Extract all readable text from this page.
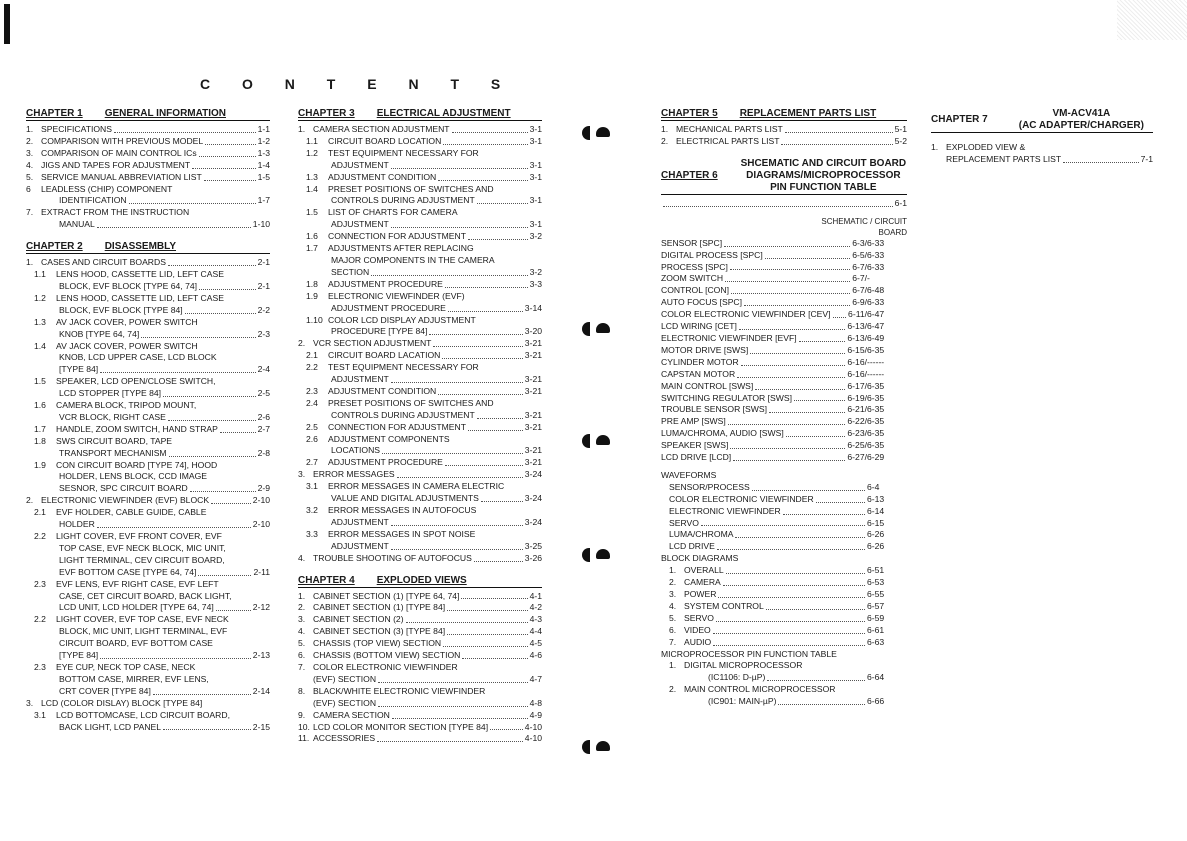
C O N T E N T S
CHAPTER 1 GENERAL INFORMATION
1. SPECIFICATIONS	1-1
2. COMPARISON WITH PREVIOUS MODEL	1-2
3. COMPARISON OF MAIN CONTROL ICs	1-3
4. JIGS AND TAPES FOR ADJUSTMENT	1-4
5. SERVICE MANUAL ABBREVIATION LIST	1-5
6	LEADLESS (CHIP) COMPONENT
IDENTIFICATION	1-7
7. EXTRACT FROM THE INSTRUCTION
MANUAL	1-10
CHAPTER 2 DISASSEMBLY
1. CASES AND CIRCUIT BOARDS	2-1
1.1	LENS HOOD, CASSETTE LID, LEFT CASE
BLOCK, EVF BLOCK [TYPE 64, 74]	2-1
1.2	LENS HOOD, CASSETTE LID, LEFT CASE
BLOCK, EVF BLOCK [TYPE 84]	2-2
1.3	AV JACK COVER, POWER SWITCH
KNOB [TYPE 64, 74]	2-3
1.4	AV JACK COVER, POWER SWITCH
KNOB, LCD UPPER CASE, LCD BLOCK
[TYPE 84]	2-4
1.5	SPEAKER, LCD OPEN/CLOSE SWITCH,
LCD STOPPER [TYPE 84]	2-5
1.6	CAMERA BLOCK, TRIPOD MOUNT,
VCR BLOCK, RIGHT CASE	2-6
1.7	HANDLE, ZOOM SWITCH, HAND STRAP	2-7
1.8	SWS CIRCUIT BOARD, TAPE
TRANSPORT MECHANISM	2-8
1.9	CON CIRCUIT BOARD [TYPE 74], HOOD
HOLDER, LENS BLOCK, CCD IMAGE
SESNOR, SPC CIRCUIT BOARD	2-9
2. ELECTRONIC VIEWFINDER (EVF) BLOCK	2-10
2.1	EVF HOLDER, CABLE GUIDE, CABLE
HOLDER	2-10
2.2	LIGHT COVER, EVF FRONT COVER, EVF
TOP CASE, EVF NECK BLOCK, MIC UNIT,
LIGHT TERMINAL, CEV CIRCUIT BOARD,
EVF BOTTOM CASE [TYPE 64, 74]	2-11
2.3	EVF LENS, EVF RIGHT CASE, EVF LEFT
CASE, CET CIRCUIT BOARD, BACK LIGHT,
LCD UNIT, LCD HOLDER [TYPE 64, 74]	2-12
2.2	LIGHT COVER, EVF TOP CASE, EVF NECK
BLOCK, MIC UNIT, LIGHT TERMINAL, EVF
CIRCUIT BOARD, EVF BOTTOM CASE
[TYPE 84]	2-13
2.3	EYE CUP, NECK TOP CASE, NECK
BOTTOM CASE, MIRRER, EVF LENS,
CRT COVER [TYPE 84]	2-14
3. LCD (COLOR DISLAY) BLOCK [TYPE 84]
3.1	LCD BOTTOMCASE, LCD CIRCUIT BOARD,
BACK LIGHT, LCD PANEL	2-15
CHAPTER 3 ELECTRICAL ADJUSTMENT
1. CAMERA SECTION ADJUSTMENT	3-1
1.1	CIRCUIT BOARD LOCATION	3-1
1.2	TEST EQUIPMENT NECESSARY FOR
ADJUSTMENT	3-1
1.3	ADJUSTMENT CONDITION	3-1
1.4	PRESET POSITIONS OF SWITCHES AND
CONTROLS DURING ADJUSTMENT	3-1
1.5	LIST OF CHARTS FOR CAMERA
ADJUSTMENT	3-1
1.6	CONNECTION FOR ADJUSTMENT	3-2
1.7	ADJUSTMENTS AFTER REPLACING
MAJOR COMPONENTS IN THE CAMERA
SECTION	3-2
1.8	ADJUSTMENT PROCEDURE	3-3
1.9	ELECTRONIC VIEWFINDER (EVF)
ADJUSTMENT PROCEDURE	3-14
1.10 COLOR LCD DISPLAY ADJUSTMENT
PROCEDURE [TYPE 84]	3-20
2. VCR SECTION ADJUSTMENT	3-21
2.1	CIRCUIT BOARD LACATION	3-21
2.2	TEST EQUIPMENT NECESSARY FOR
ADJUSTMENT	3-21
2.3	ADJUSTMENT CONDITION	3-21
2.4	PRESET POSITIONS OF SWITCHES AND
CONTROLS DURING ADJUSTMENT	3-21
2.5	CONNECTION FOR ADJUSTMENT	3-21
2.6	ADJUSTMENT COMPONENTS
LOCATIONS	3-21
2.7	ADJUSTMENT PROCEDURE	3-21
3. ERROR MESSAGES	3-24
3.1	ERROR MESSAGES IN CAMERA ELECTRIC
VALUE AND DIGITAL ADJUSTMENTS	3-24
3.2	ERROR MESSAGES IN AUTOFOCUS
ADJUSTMENT	3-24
3.3	ERROR MESSAGES IN SPOT NOISE
ADJUSTMENT	3-25
4. TROUBLE SHOOTING OF AUTOFOCUS	3-26
CHAPTER 4 EXPLODED VIEWS
1. CABINET SECTION (1) [TYPE 64, 74]	4-1
2. CABINET SECTION (1) [TYPE 84]	4-2
3. CABINET SECTION (2)	4-3
4. CABINET SECTION (3) [TYPE 84]	4-4
5. CHASSIS (TOP VIEW) SECTION	4-5
6. CHASSIS (BOTTOM VIEW) SECTION	4-6
7. COLOR ELECTRONIC VIEWFINDER
(EVF) SECTION	4-7
8. BLACK/WHITE ELECTRONIC VIEWFINDER
(EVF) SECTION	4-8
9. CAMERA SECTION	4-9
10. LCD COLOR MONITOR SECTION [TYPE 84]	4-10
11. ACCESSORIES	4-10
CHAPTER 5 REPLACEMENT PARTS LIST
1. MECHANICAL PARTS LIST	5-1
2. ELECTRICAL PARTS LIST	5-2
CHAPTER 6
SHCEMATIC AND CIRCUIT BOARD
DIAGRAMS/MICROPROCESSOR
PIN FUNCTION TABLE
6-1
SCHEMATIC / CIRCUIT
BOARD
SENSOR [SPC]	6-3 / 6-33
DIGITAL PROCESS [SPC]	6-5 / 6-33
PROCESS [SPC]	6-7 / 6-33
ZOOM SWITCH	6-7 / -
CONTROL [CON]	6-7 / 6-48
AUTO FOCUS [SPC]	6-9 / 6-33
COLOR ELECTRONIC VIEWFINDER [CEV] 6-11 / 6-47
LCD WIRING [CET]	6-13 / 6-47
ELECTRONIC VIEWFINDER [EVF]	6-13 / 6-49
MOTOR DRIVE [SWS]	6-15 / 6-35
CYLINDER MOTOR	6-16 / ------
CAPSTAN MOTOR	6-16 / ------
MAIN CONTROL [SWS]	6-17 / 6-35
SWITCHING REGULATOR [SWS]	6-19 / 6-35
TROUBLE SENSOR [SWS]	6-21 / 6-35
PRE AMP [SWS]	6-22 / 6-35
LUMA/CHROMA, AUDIO [SWS]	6-23 / 6-35
SPEAKER [SWS]	6-25 / 6-35
LCD DRIVE [LCD]	6-27 / 6-29
WAVEFORMS
SENSOR/PROCESS	6-4
COLOR ELECTRONIC VIEWFINDER	6-13
ELECTRONIC VIEWFINDER	6-14
SERVO	6-15
LUMA/CHROMA	6-26
LCD DRIVE	6-26
BLOCK DIAGRAMS
1. OVERALL	6-51
2. CAMERA	6-53
3. POWER	6-55
4. SYSTEM CONTROL	6-57
5. SERVO	6-59
6. VIDEO	6-61
7. AUDIO	6-63
MICROPROCESSOR PIN FUNCTION TABLE
1. DIGITAL MICROPROCESSOR
(IC1106: D-µP)	6-64
2. MAIN CONTROL MICROPROCESSOR
(IC901: MAIN-µP)	6-66
CHAPTER 7
VM-ACV41A
(AC ADAPTER/CHARGER)
1. EXPLODED VIEW &
REPLACEMENT PARTS LIST	7-1
